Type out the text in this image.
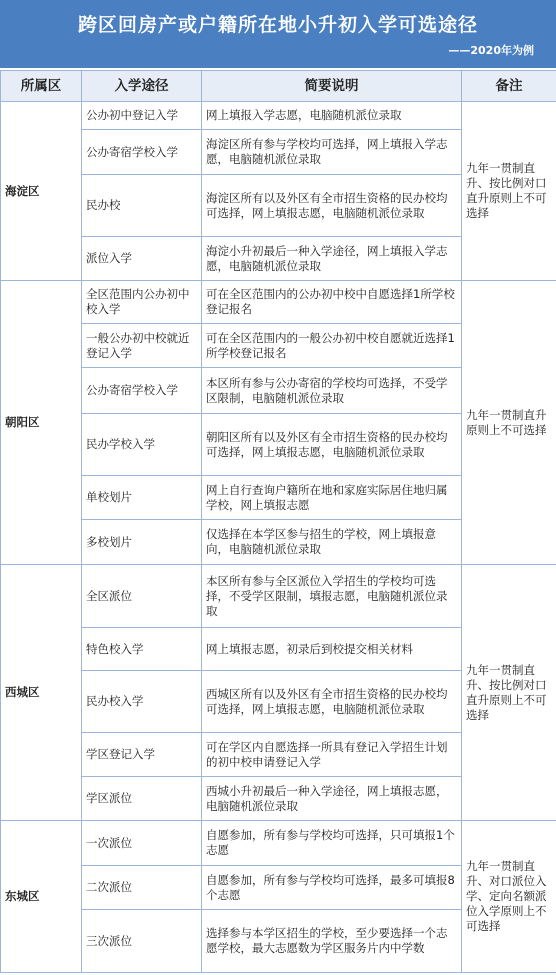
跨区回房产或户籍所在地小升初入学可选途径
——2020年为例
所属区	入学途径	简要说明	备注
海淀区	公办初中登记入学	网上填报入学志愿，电脑随机派位录取	九年一贯制直升、按比例对口直升原则上不可选择
	公办寄宿学校入学	海淀区所有参与学校均可选择，网上填报入学志愿，电脑随机派位录取	
	民办校	海淀区所有以及外区有全市招生资格的民办校均可选择，网上填报志愿，电脑随机派位录取	
	派位入学	海淀小升初最后一种入学途径，网上填报入学志愿，电脑随机派位录取	
朝阳区	全区范围内公办初中校入学	可在全区范围内的公办初中校中自愿选择1所学校登记报名	九年一贯制直升原则上不可选择
	一般公办初中校就近登记入学	可在全区范围内的一般公办初中校自愿就近选择1所学校登记报名	
	公办寄宿学校入学	本区所有参与公办寄宿的学校均可选择，不受学区限制，电脑随机派位录取	
	民办学校入学	朝阳区所有以及外区有全市招生资格的民办校均可选择，网上填报志愿，电脑随机派位录取	
	单校划片	网上自行查询户籍所在地和家庭实际居住地归属学校，网上填报志愿	
	多校划片	仅选择在本学区参与招生的学校，网上填报意向，电脑随机派位录取	
西城区	全区派位	本区所有参与全区派位入学招生的学校均可选择，不受学区限制，填报志愿，电脑随机派位录取	九年一贯制直升、按比例对口直升原则上不可选择
	特色校入学	网上填报志愿，初录后到校提交相关材料	
	民办校入学	西城区所有以及外区有全市招生资格的民办校均可选择，网上填报志愿，电脑随机派位录取	
	学区登记入学	可在学区内自愿选择一所具有登记入学招生计划的初中校申请登记入学	
	学区派位	西城小升初最后一种入学途径，网上填报志愿，电脑随机派位录取	
东城区	一次派位	自愿参加，所有参与学校均可选择，只可填报1个志愿	九年一贯制直升、对口派位入学、定向名额派位入学原则上不可选择
	二次派位	自愿参加，所有参与学校均可选择，最多可填报8个志愿	
	三次派位	选择参与本学区招生的学校，至少要选择一个志愿学校，最大志愿数为学区服务片内中学数	
